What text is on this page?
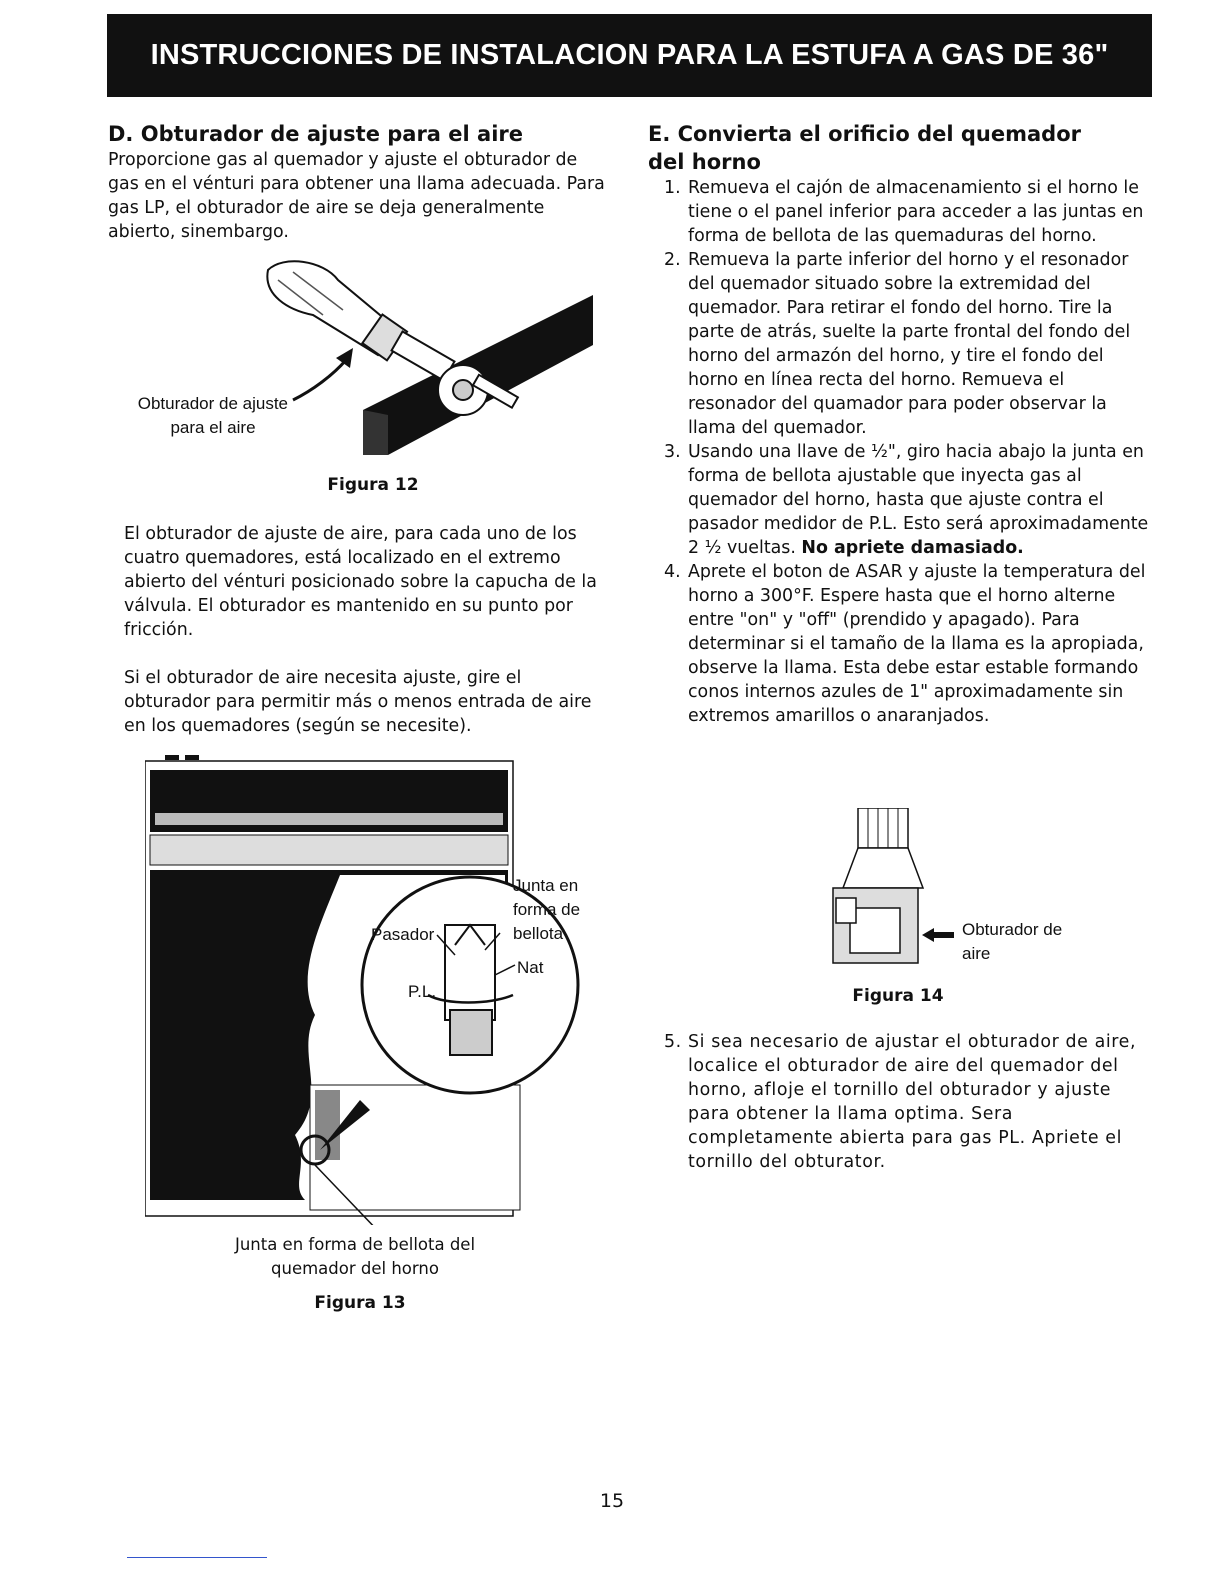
INSTRUCCIONES DE INSTALACION PARA LA ESTUFA A GAS DE 36"
D. Obturador de ajuste para el aire

Proporcione gas al quemador y ajuste el obturador de gas en el vénturi para obtener una llama adecuada. Para gas LP, el obturador de aire se deja generalmente abierto, sinembargo.

Obturador de ajuste
para el aire
Figura 12

El obturador de ajuste de aire, para cada uno de los cuatro quemadores, está localizado en el extremo abierto del vénturi posicionado sobre la capucha de la válvula. El obturador es mantenido en su punto por fricción.

Si el obturador de aire necesita ajuste, gire el obturador para permitir más o menos entrada de aire en los quemadores (según se necesite).

Junta en
forma de
bellota
Pasador
Nat
P.L.
Junta en forma de bellota del
quemador del horno
Figura 13
E. Convierta el orificio del quemador del horno
1. Remueva el cajón de almacenamiento si el horno le tiene o el panel inferior para acceder a las juntas en forma de bellota de las quemaduras del horno.
2. Remueva la parte inferior del horno y el resonador del quemador situado sobre la extremidad del quemador. Para retirar el fondo del horno. Tire la parte de atrás, suelte la parte frontal del fondo del horno del armazón del horno, y tire el fondo del horno en línea recta del horno. Remueva el resonador del quamador para poder observar la llama del quemador.
3. Usando una llave de ½", giro hacia abajo la junta en forma de bellota ajustable que inyecta gas al quemador del horno, hasta que ajuste contra el pasador medidor de P.L. Esto será aproximadamente 2 ½ vueltas. No apriete damasiado.
4. Aprete el boton de ASAR y ajuste la temperatura del horno a 300°F. Espere hasta que el horno alterne entre "on" y "off" (prendido y apagado). Para determinar si el tamaño de la llama es la apropiada, observe la llama. Esta debe estar estable formando conos internos azules de 1" aproximadamente sin extremos amarillos o anaranjados.
Obturador de
aire
Figura 14
5. Si sea necesario de ajustar el obturador de aire, localice el obturador de aire del quemador del horno, afloje el tornillo del obturador y ajuste para obtener la llama optima. Sera completamente abierta para gas PL. Apriete el tornillo del obturator.
15
